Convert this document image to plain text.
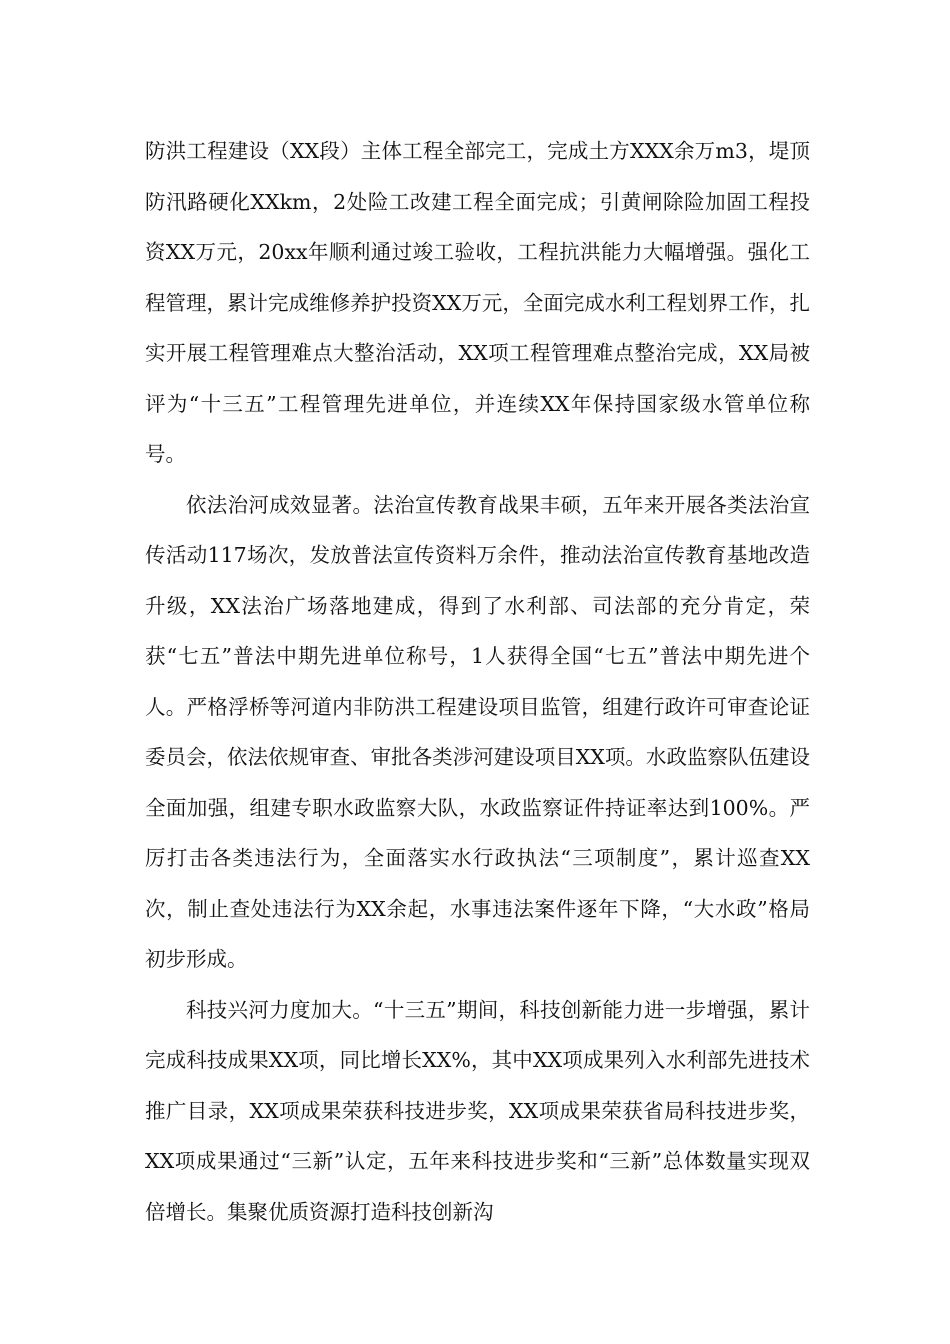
防洪工程建设（XX段）主体工程全部完工，完成土方XXX余万m3，堤顶防汛路硬化XXkm，2处险工改建工程全面完成；引黄闸除险加固工程投资XX万元，20xx年顺利通过竣工验收，工程抗洪能力大幅增强。强化工程管理，累计完成维修养护投资XX万元，全面完成水利工程划界工作，扎实开展工程管理难点大整治活动，XX项工程管理难点整治完成，XX局被评为“十三五”工程管理先进单位，并连续XX年保持国家级水管单位称号。

依法治河成效显著。法治宣传教育战果丰硕，五年来开展各类法治宣传活动117场次，发放普法宣传资料万余件，推动法治宣传教育基地改造升级，XX法治广场落地建成，得到了水利部、司法部的充分肯定，荣获“七五”普法中期先进单位称号，1人获得全国“七五”普法中期先进个人。严格浮桥等河道内非防洪工程建设项目监管，组建行政许可审查论证委员会，依法依规审查、审批各类涉河建设项目XX项。水政监察队伍建设全面加强，组建专职水政监察大队，水政监察证件持证率达到100%。严厉打击各类违法行为，全面落实水行政执法“三项制度”，累计巡查XX次，制止查处违法行为XX余起，水事违法案件逐年下降，“大水政”格局初步形成。

科技兴河力度加大。“十三五”期间，科技创新能力进一步增强，累计完成科技成果XX项，同比增长XX%，其中XX项成果列入水利部先进技术推广目录，XX项成果荣获科技进步奖，XX项成果荣获省局科技进步奖，XX项成果通过“三新”认定，五年来科技进步奖和“三新”总体数量实现双倍增长。集聚优质资源打造科技创新沟
